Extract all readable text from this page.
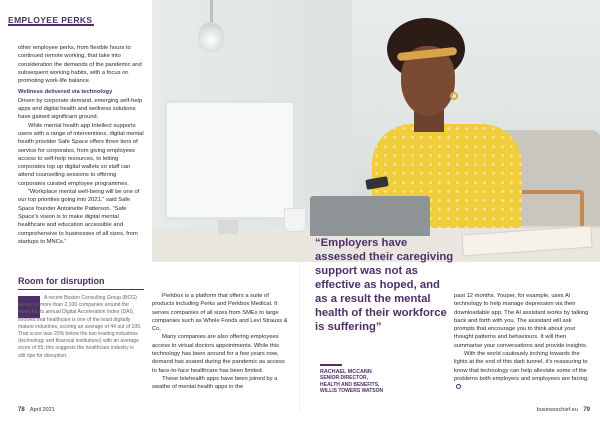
EMPLOYEE PERKS

other employee perks, from flexible hours to continued remote working, that take into consideration the demands of the pandemic and subsequent working habits, with a focus on promoting work-life balance.

Wellness delivered via technology

Driven by corporate demand, emerging self-help apps and digital health and wellness solutions have gained significant ground.

While mental health app Intellect supports users with a range of interventions, digital mental health provider Safe Space offers three tiers of service for corporates, from giving employees access to self-help resources, to letting corporates top up digital wallets so staff can attend counselling sessions to offering corporates curated employee programmes.

“Workplace mental well-being will be one of our top priorities going into 2021,” said Safe Space founder Antoinette Patterson. “Safe Space’s vision is to make digital mental healthcare and education accessible and comprehensive to businesses of all sizes, from startups to MNCs.”

Room for disruption

A recent Boston Consulting Group (BCG) survey of more than 2,100 companies around the world for its annual Digital Acceleration Index (DAI), showed that healthcare is one of the least digitally mature industries, scoring an average of 44 out of 100. That score was 20% below the two leading industries (technology and financial institutions) with an average score of 55; this suggests the healthcare industry is still ripe for disruption.

Perkbox is a platform that offers a suite of products including Perks and Perkbox Medical. It serves companies of all sizes from SMEs to large companies such as Whole Foods and Levi Strauss & Co.

Many companies are also offering employees access to virtual doctors appointments. While this technology has been around for a few years now, demand has soared during the pandemic as access to face-to-face healthcare has been limited.

These telehealth apps have been joined by a swathe of mental health apps in the

“Employers have assessed their caregiving support was not as effective as hoped, and as a result the mental health of their workforce is suffering”
RACHAEL MCCANN
SENIOR DIRECTOR,
HEALTH AND BENEFITS,
WILLIS TOWERS WATSON

past 12 months. Youper, for example, uses AI technology to help manage depression via their downloadable app. The AI assistant works by talking back and forth with you. The assistant will ask prompts that encourage you to think about your thought patterns and behaviours. It will then summarise your conversations and provide insights.

With the world cautiously inching towards the lights at the end of this dark tunnel, it’s reassuring to know that technology can help alleviate some of the problems both employers and employees are facing.

78 April 2021	businesschief.eu 79
